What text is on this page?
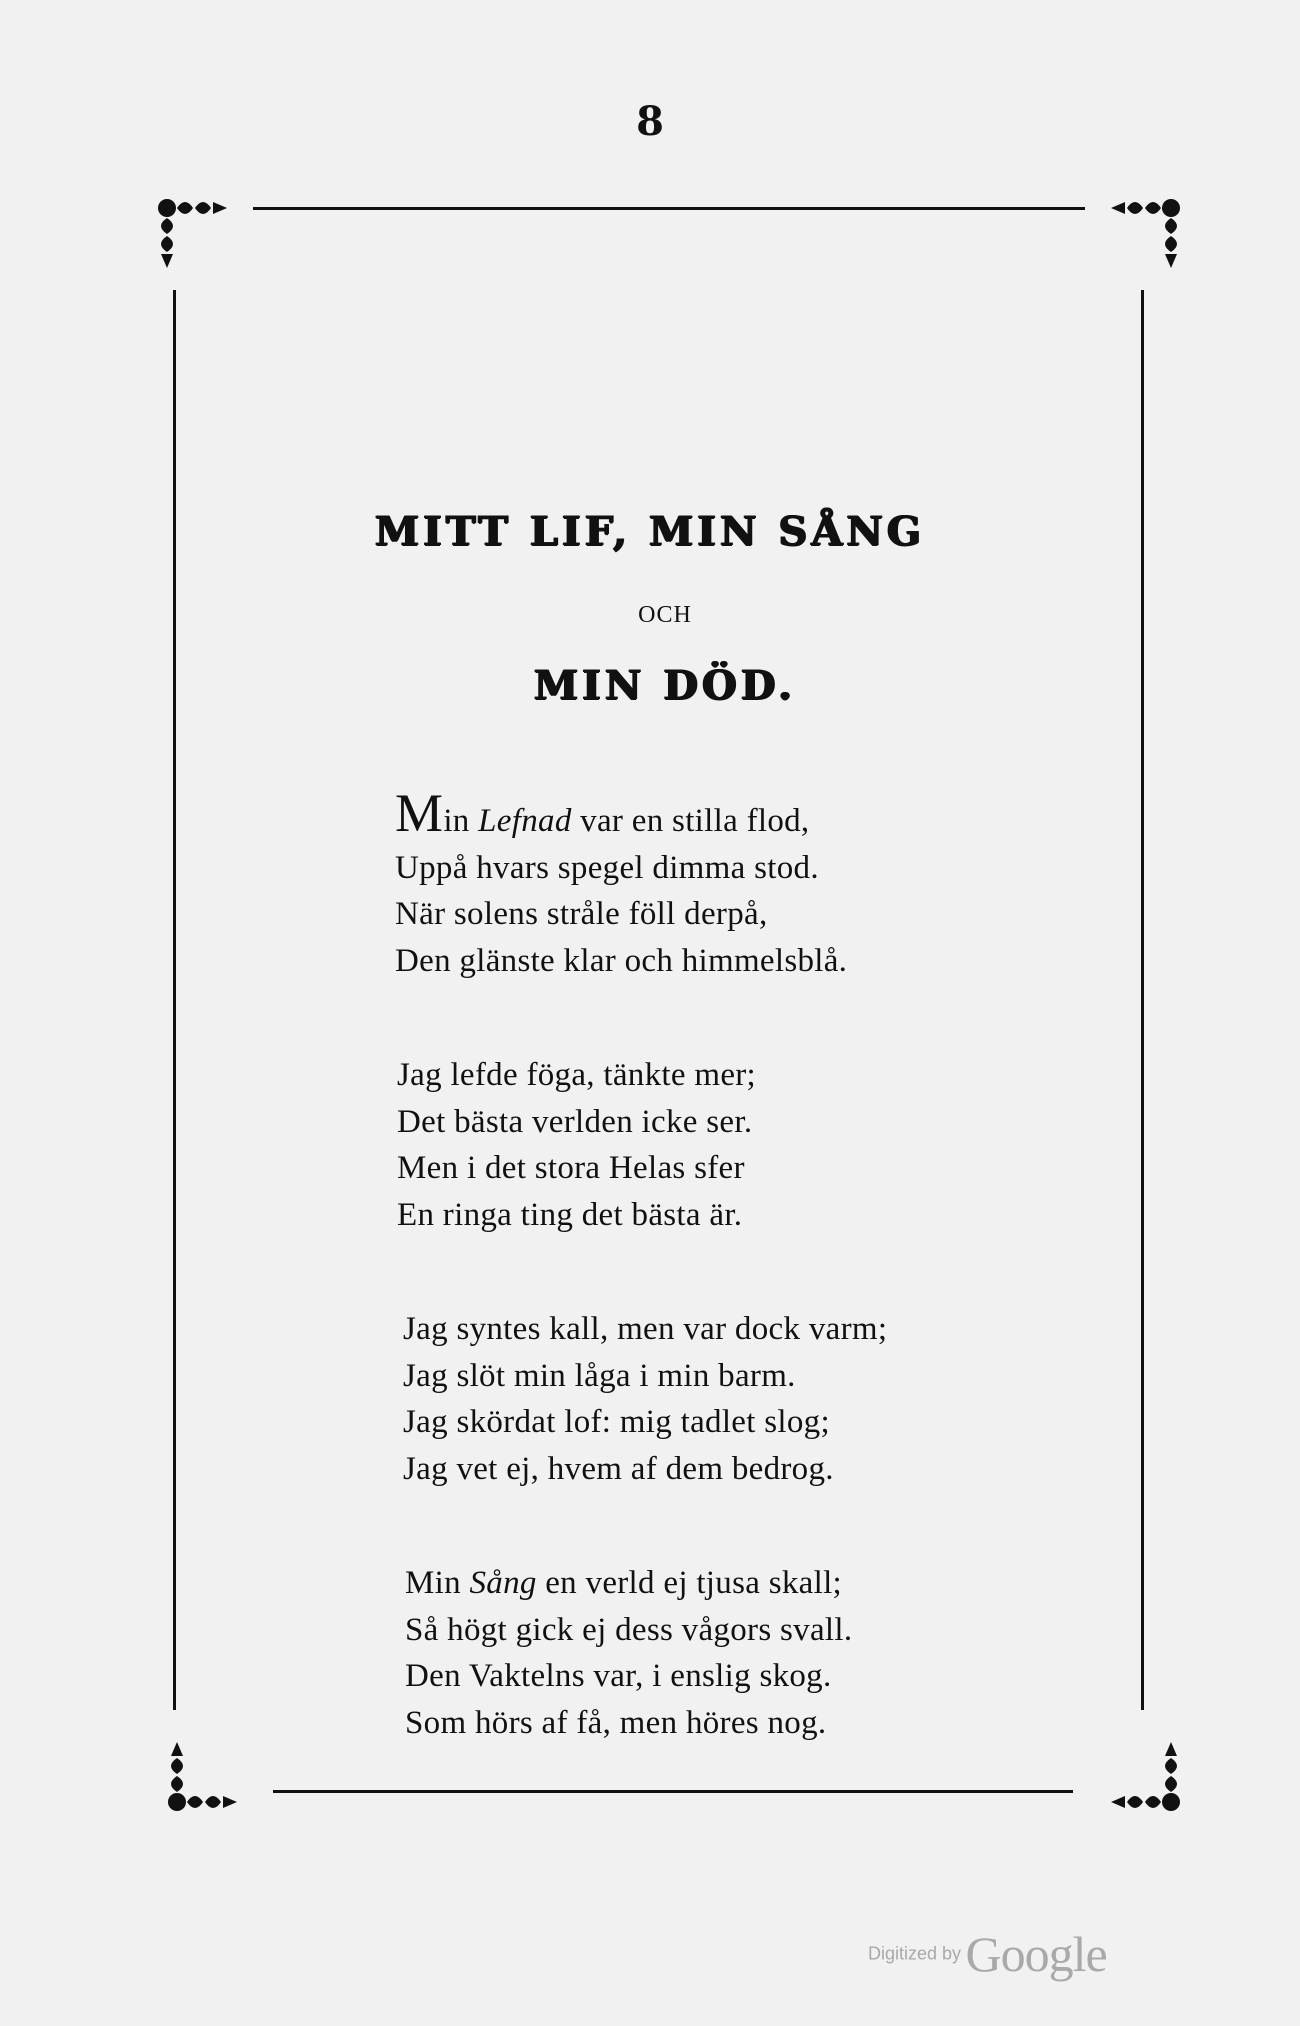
8
MITT LIF, MIN SÅNG
OCH
MIN DÖD.
Min Lefnad var en stilla flod,
Uppå hvars spegel dimma stod.
När solens stråle föll derpå,
Den glänste klar och himmelsblå.
Jag lefde föga, tänkte mer;
Det bästa verlden icke ser.
Men i det stora Helas sfer
En ringa ting det bästa är.
Jag syntes kall, men var dock varm;
Jag slöt min låga i min barm.
Jag skördat lof: mig tadlet slog;
Jag vet ej, hvem af dem bedrog.
Min Sång en verld ej tjusa skall;
Så högt gick ej dess vågors svall.
Den Vaktelns var, i enslig skog.
Som hörs af få, men höres nog.
Digitized by Google
